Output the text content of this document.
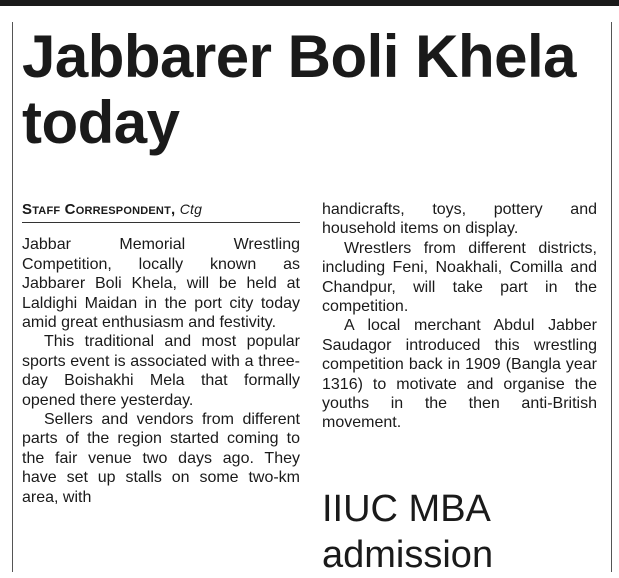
Jabbarer Boli Khela today
Staff Correspondent, Ctg

Jabbar Memorial Wrestling Competition, locally known as Jabbarer Boli Khela, will be held at Laldighi Maidan in the port city today amid great enthusiasm and festivity.

This traditional and most popular sports event is associated with a three-day Boishakhi Mela that formally opened there yesterday.

Sellers and vendors from different parts of the region started coming to the fair venue two days ago. They have set up stalls on some two-km area, with

handicrafts, toys, pottery and household items on display.

Wrestlers from different districts, including Feni, Noakhali, Comilla and Chandpur, will take part in the competition.

A local merchant Abdul Jabber Saudagor introduced this wrestling competition back in 1909 (Bangla year 1316) to motivate and organise the youths in the then anti-British movement.

IIUC MBA admission
